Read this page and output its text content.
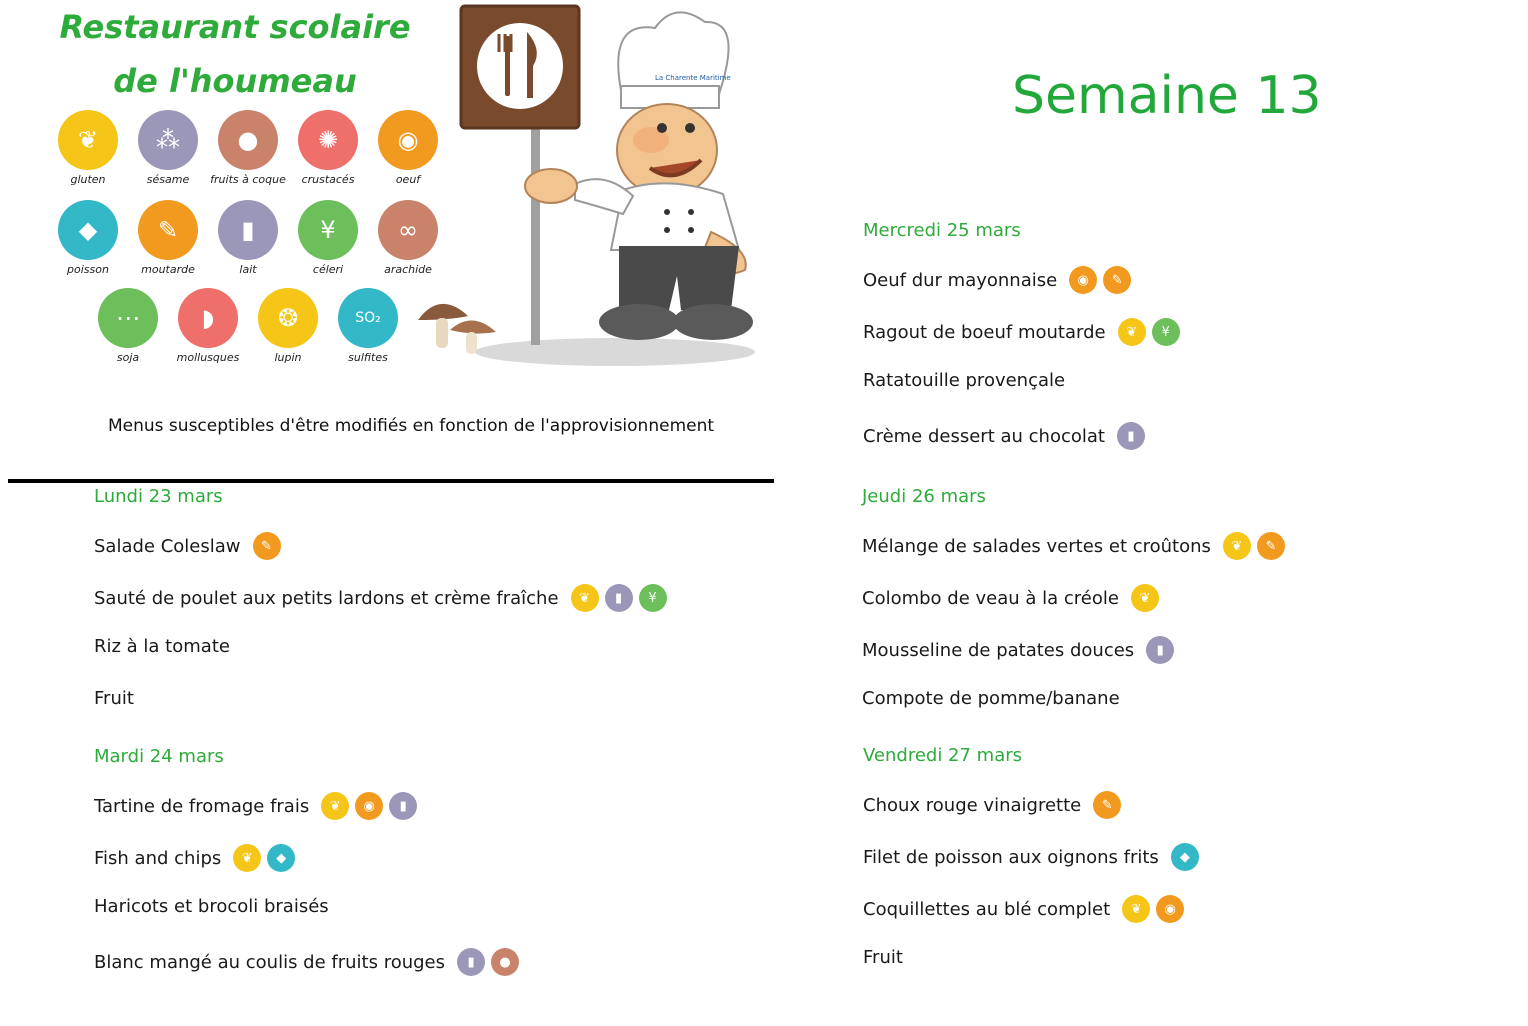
Restaurant scolaire
de l'houmeau
❦
gluten
⁂
sésame
●
fruits à coque
✺
crustacés
◉
oeuf
◆
poisson
✎
moutarde
▮
lait
¥
céleri
∞
arachide
⋯
soja
◗
mollusques
❂
lupin
SO₂
sulfites
La Charente Maritime
Menus susceptibles d'être modifiés en fonction de l'approvisionnement
Semaine 13
Lundi 23 mars
Salade Coleslaw	✎
Sauté de poulet aux petits lardons et crème fraîche	❦	▮	¥
Riz à la tomate
Fruit
Mardi 24 mars
Tartine de fromage frais	❦	◉	▮
Fish and chips	❦	◆
Haricots et brocoli braisés
Blanc mangé au coulis de fruits rouges	▮	●
Mercredi 25 mars
Oeuf dur mayonnaise	◉	✎
Ragout de boeuf moutarde	❦	¥
Ratatouille provençale
Crème dessert au chocolat	▮
Jeudi 26 mars
Mélange de salades vertes et croûtons	❦	✎
Colombo de veau à la créole	❦
Mousseline de patates douces	▮
Compote de pomme/banane
Vendredi 27 mars
Choux rouge vinaigrette	✎
Filet de poisson aux oignons frits	◆
Coquillettes au blé complet	❦	◉
Fruit
